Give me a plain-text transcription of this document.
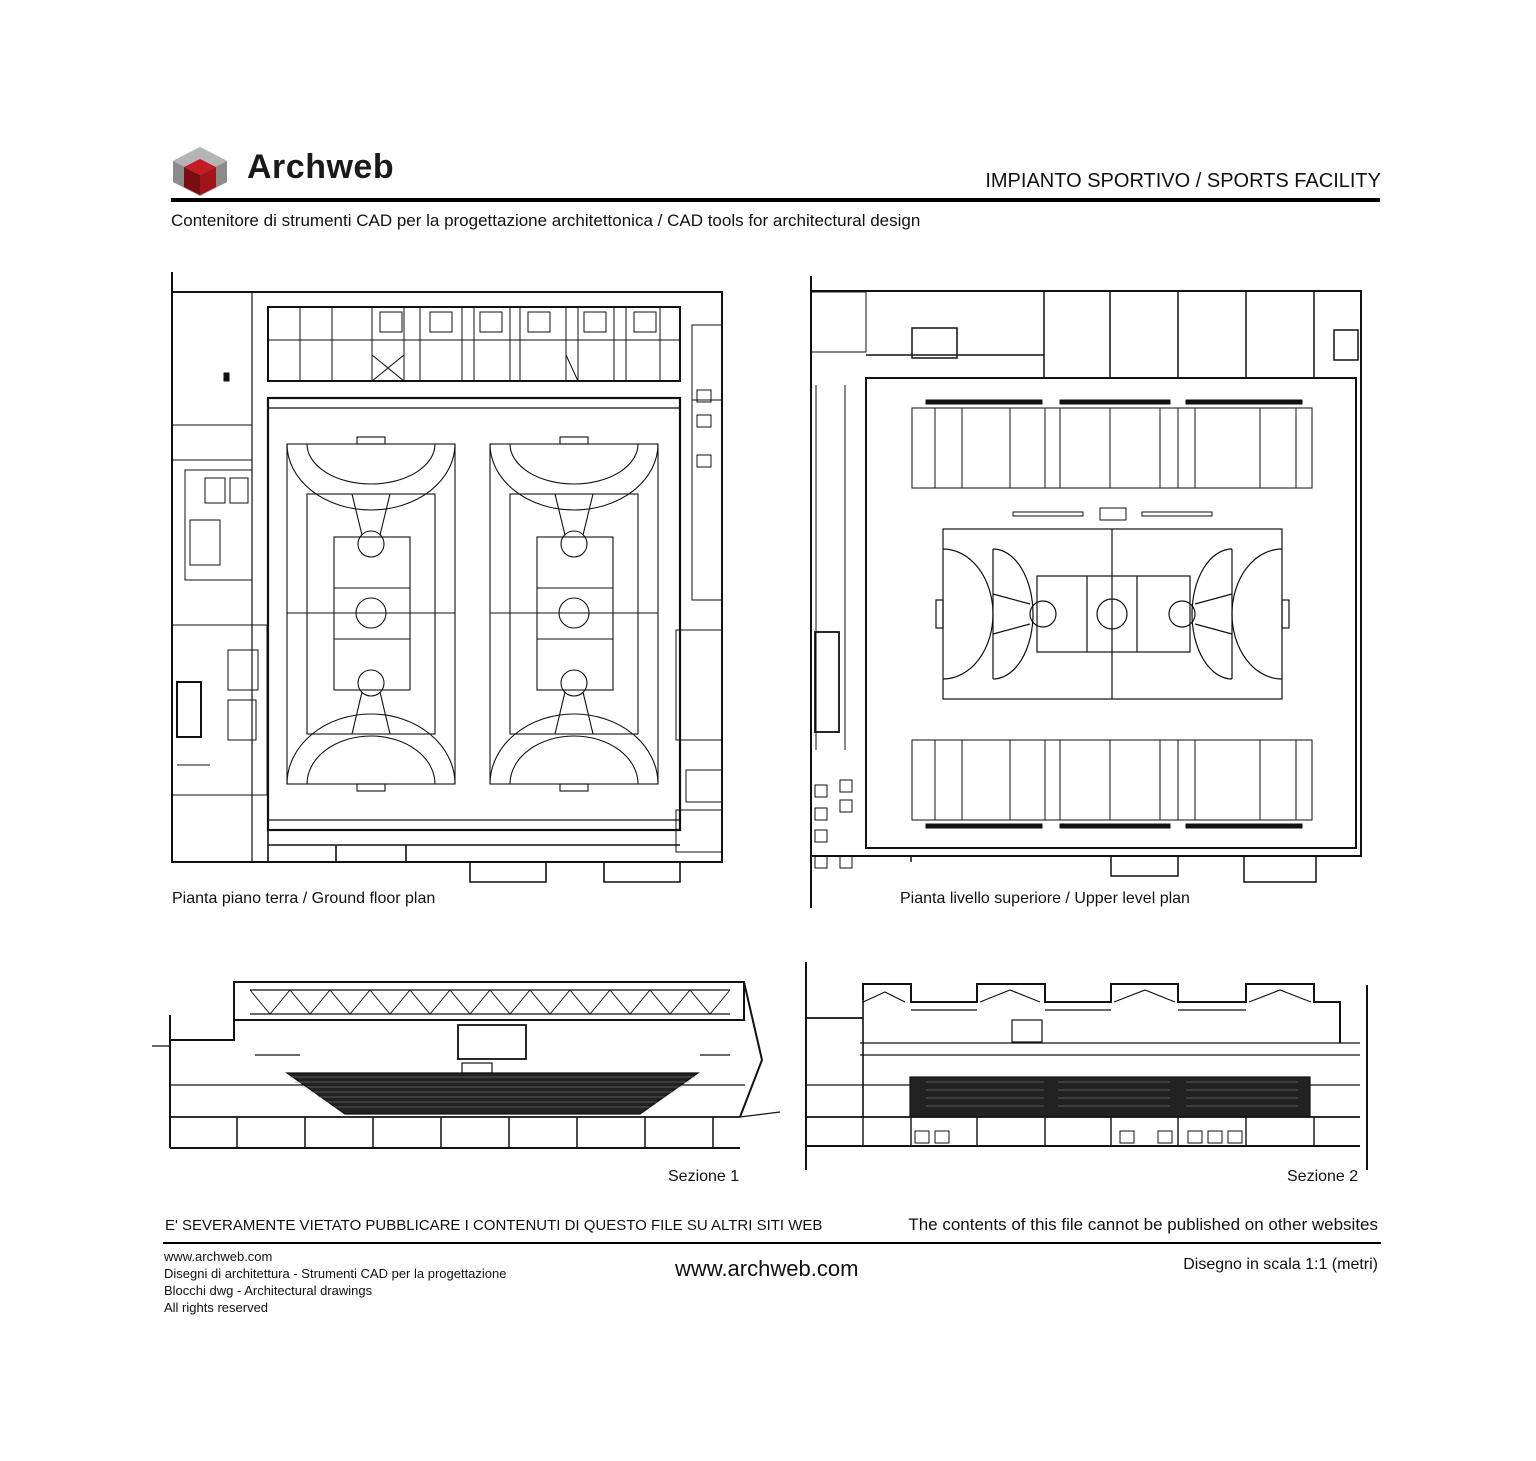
Archweb	IMPIANTO SPORTIVO / SPORTS FACILITY
Contenitore di strumenti CAD per la progettazione architettonica / CAD tools for architectural design
Pianta piano terra / Ground floor plan	Pianta livello superiore / Upper level plan
Sezione 1	Sezione 2
E' SEVERAMENTE VIETATO PUBBLICARE I CONTENUTI DI QUESTO FILE SU ALTRI SITI WEB	The contents of this file cannot be published on other websites
www.archweb.com	Disegno in scala 1:1 (metri)
www.archweb.com
Disegni di architettura - Strumenti CAD per la progettazione
Blocchi dwg - Architectural drawings
All rights reserved
